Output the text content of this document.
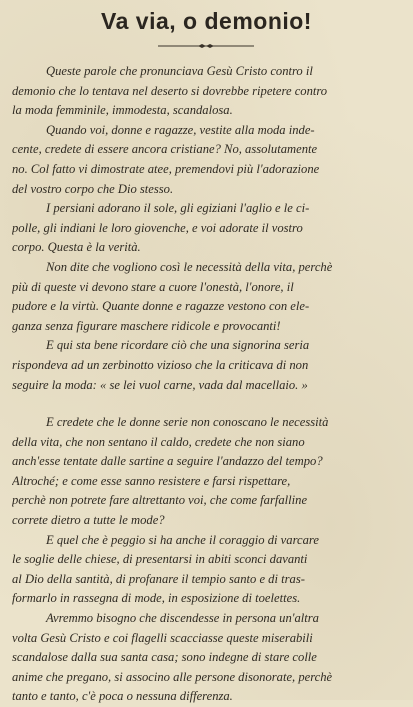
Va via, o demonio!

Queste parole che pronunciava Gesù Cristo contro il
demonio che lo tentava nel deserto si dovrebbe ripetere contro
la moda femminile, immodesta, scandalosa.

Quando voi, donne e ragazze, vestite alla moda inde-
cente, credete di essere ancora cristiane? No, assolutamente
no. Col fatto vi dimostrate atee, premendovi più l'adorazione
del vostro corpo che Dio stesso.

I persiani adorano il sole, gli egiziani l'aglio e le ci-
polle, gli indiani le loro giovenche, e voi adorate il vostro
corpo. Questa è la verità.

Non dite che vogliono così le necessità della vita, perchè
più di queste vi devono stare a cuore l'onestà, l'onore, il
pudore e la virtù. Quante donne e ragazze vestono con ele-
ganza senza figurare maschere ridicole e provocanti!

E qui sta bene ricordare ciò che una signorina seria
rispondeva ad un zerbinotto vizioso che la criticava di non
seguire la moda: « se lei vuol carne, vada dal macellaio. »

E credete che le donne serie non conoscano le necessità
della vita, che non sentano il caldo, credete che non siano
anch'esse tentate dalle sartine a seguire l'andazzo del tempo?
Altroché; e come esse sanno resistere e farsi rispettare,
perchè non potrete fare altrettanto voi, che come farfalline
correte dietro a tutte le mode?

E quel che è peggio si ha anche il coraggio di varcare
le soglie delle chiese, di presentarsi in abiti sconci davanti
al Dio della santità, di profanare il tempio santo e di tras-
formarlo in rassegna di mode, in esposizione di toelettes.

Avremmo bisogno che discendesse in persona un'altra
volta Gesù Cristo e coi flagelli scacciasse queste miserabili
scandalose dalla sua santa casa; sono indegne di stare colle
anime che pregano, si associno alle persone disonorate, perchè
tanto e tanto, c'è poca o nessuna differenza.
